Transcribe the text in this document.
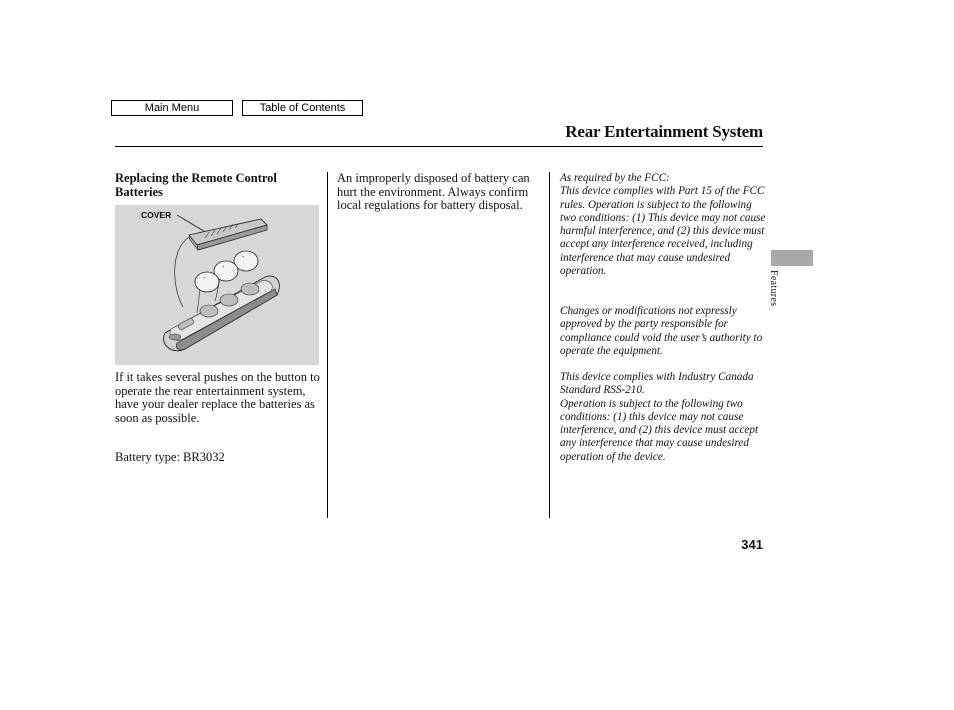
Main Menu	Table of Contents
Rear Entertainment System
Replacing the Remote Control Batteries
+
+
+
COVER
If it takes several pushes on the button to operate the rear entertainment system, have your dealer replace the batteries as soon as possible.
Battery type: BR3032
An improperly disposed of battery can hurt the environment. Always confirm local regulations for battery disposal.
As required by the FCC:
This device complies with Part 15 of the FCC rules. Operation is subject to the following two conditions: (1) This device may not cause harmful interference, and (2) this device must accept any interference received, including interference that may cause undesired operation.
Changes or modifications not expressly approved by the party responsible for compliance could void the user’s authority to operate the equipment.
This device complies with Industry Canada Standard RSS-210.
Operation is subject to the following two conditions: (1) this device may not cause interference, and (2) this device must accept any interference that may cause undesired operation of the device.
Features
341
